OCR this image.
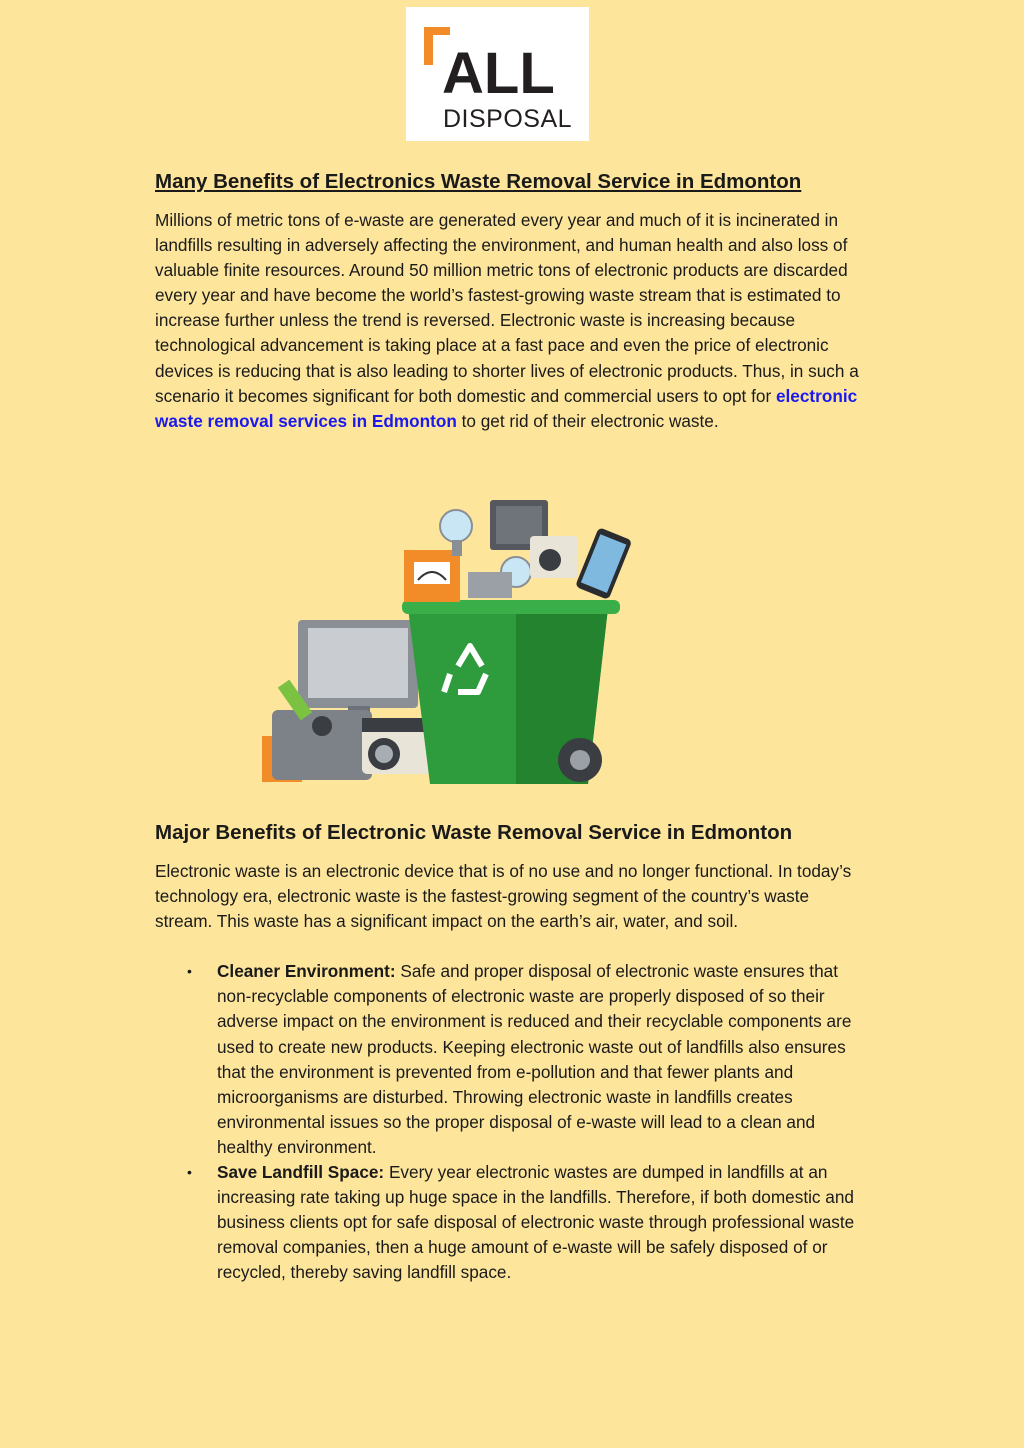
ALL
DISPOSAL
Many Benefits of Electronics Waste Removal Service in Edmonton

Millions of metric tons of e-waste are generated every year and much of it is incinerated in landfills resulting in adversely affecting the environment, and human health and also loss of valuable finite resources. Around 50 million metric tons of electronic products are discarded every year and have become the world’s fastest-growing waste stream that is estimated to increase further unless the trend is reversed. Electronic waste is increasing because technological advancement is taking place at a fast pace and even the price of electronic devices is reducing that is also leading to shorter lives of electronic products. Thus, in such a scenario it becomes significant for both domestic and commercial users to opt for electronic waste removal services in Edmonton to get rid of their electronic waste.

Major Benefits of Electronic Waste Removal Service in Edmonton

Electronic waste is an electronic device that is of no use and no longer functional. In today’s technology era, electronic waste is the fastest-growing segment of the country’s waste stream. This waste has a significant impact on the earth’s air, water, and soil.

• Cleaner Environment: Safe and proper disposal of electronic waste ensures that non-recyclable components of electronic waste are properly disposed of so their adverse impact on the environment is reduced and their recyclable components are used to create new products. Keeping electronic waste out of landfills also ensures that the environment is prevented from e-pollution and that fewer plants and microorganisms are disturbed. Throwing electronic waste in landfills creates environmental issues so the proper disposal of e-waste will lead to a clean and healthy environment.
• Save Landfill Space: Every year electronic wastes are dumped in landfills at an increasing rate taking up huge space in the landfills. Therefore, if both domestic and business clients opt for safe disposal of electronic waste through professional waste removal companies, then a huge amount of e-waste will be safely disposed of or recycled, thereby saving landfill space.
